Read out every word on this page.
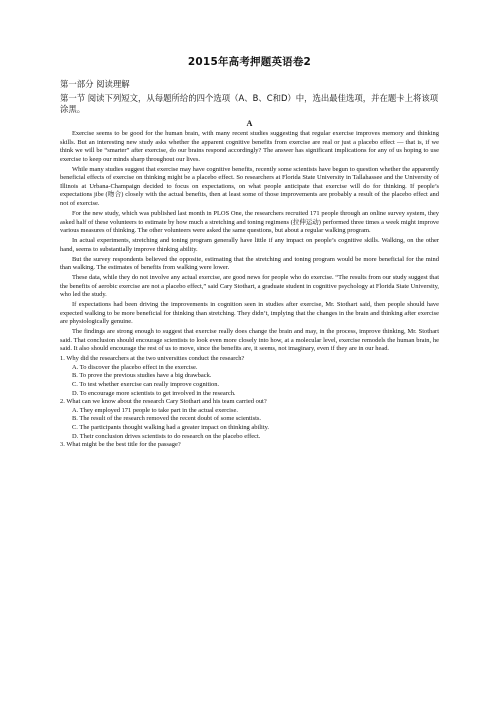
2015年高考押题英语卷2

第一部分 阅读理解

第一节 阅读下列短文，从每题所给的四个选项（A、B、C和D）中，选出最佳选项，并在题卡上将该项涂黑。

A

Exercise seems to be good for the human brain, with many recent studies suggesting that regular exercise improves memory and thinking skills. But an interesting new study asks whether the apparent cognitive benefits from exercise are real or just a placebo effect — that is, if we think we will be “smarter” after exercise, do our brains respond accordingly? The answer has significant implications for any of us hoping to use exercise to keep our minds sharp throughout our lives.

While many studies suggest that exercise may have cognitive benefits, recently some scientists have begun to question whether the apparently beneficial effects of exercise on thinking might be a placebo effect. So researchers at Florida State University in Tallahassee and the University of Illinois at Urbana-Champaign decided to focus on expectations, on what people anticipate that exercise will do for thinking. If people’s expectations jibe (吻合) closely with the actual benefits, then at least some of those improvements are probably a result of the placebo effect and not of exercise.

For the new study, which was published last month in PLOS One, the researchers recruited 171 people through an online survey system, they asked half of these volunteers to estimate by how much a stretching and toning regimens (拉伸运动) performed three times a week might improve various measures of thinking. The other volunteers were asked the same questions, but about a regular walking program.

In actual experiments, stretching and toning program generally have little if any impact on people’s cognitive skills. Walking, on the other hand, seems to substantially improve thinking ability.

But the survey respondents believed the opposite, estimating that the stretching and toning program would be more beneficial for the mind than walking. The estimates of benefits from walking were lower.

These data, while they do not involve any actual exercise, are good news for people who do exercise. “The results from our study suggest that the benefits of aerobic exercise are not a placebo effect,” said Cary Stothart, a graduate student in cognitive psychology at Florida State University, who led the study.

If expectations had been driving the improvements in cognition seen in studies after exercise, Mr. Stothart said, then people should have expected walking to be more beneficial for thinking than stretching. They didn’t, implying that the changes in the brain and thinking after exercise are physiologically genuine.

The findings are strong enough to suggest that exercise really does change the brain and may, in the process, improve thinking, Mr. Stothart said. That conclusion should encourage scientists to look even more closely into how, at a molecular level, exercise remodels the human brain, he said. It also should encourage the rest of us to move, since the benefits are, it seems, not imaginary, even if they are in our head.

1. Why did the researchers at the two universities conduct the research?

A. To discover the placebo effect in the exercise.

B. To prove the previous studies have a big drawback.

C. To test whether exercise can really improve cognition.

D. To encourage more scientists to get involved in the research.

2. What can we know about the research Cary Stothart and his team carried out?

A. They employed 171 people to take part in the actual exercise.

B. The result of the research removed the recent doubt of some scientists.

C. The participants thought walking had a greater impact on thinking ability.

D. Their conclusion drives scientists to do research on the placebo effect.

3. What might be the best title for the passage?
